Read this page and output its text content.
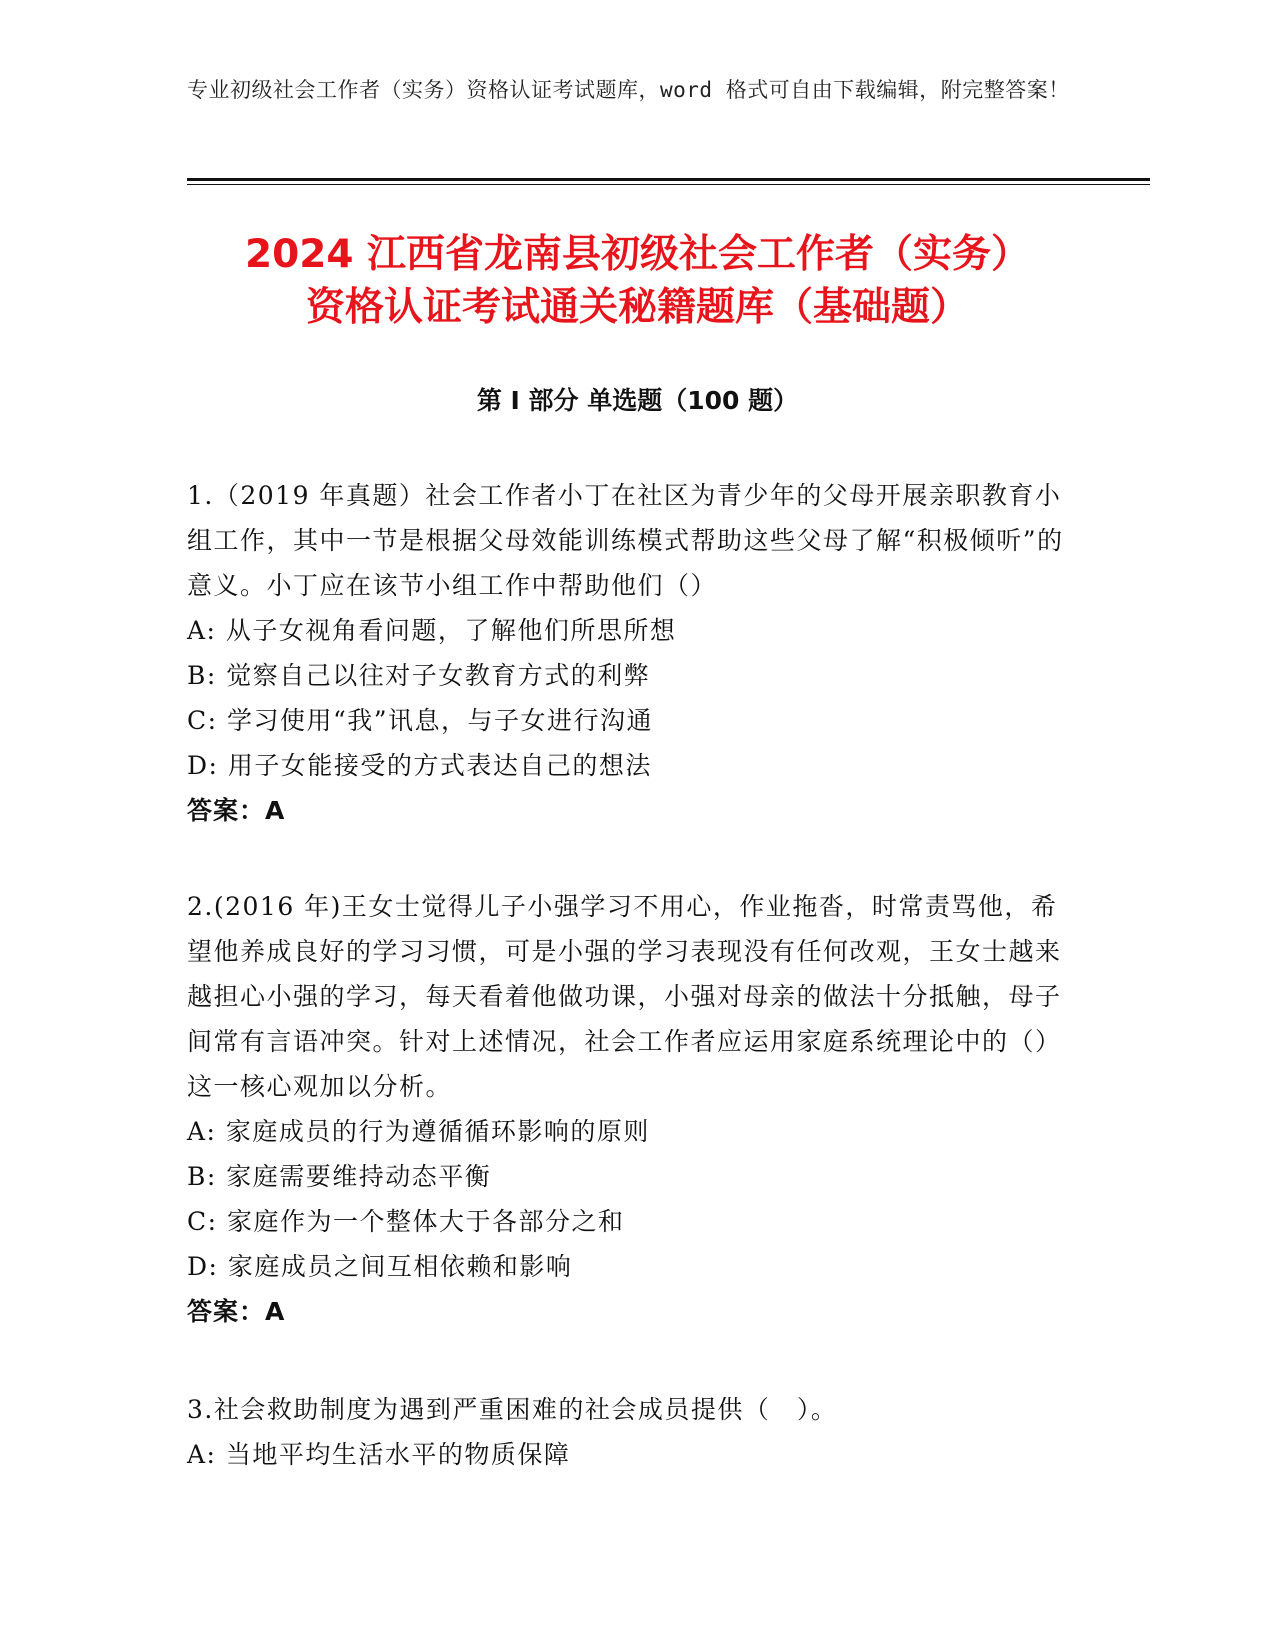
专业初级社会工作者（实务）资格认证考试题库，word 格式可自由下载编辑，附完整答案！
2024 江西省龙南县初级社会工作者（实务）
资格认证考试通关秘籍题库（基础题）
第 I 部分 单选题（100 题）
1.（2019 年真题）社会工作者小丁在社区为青少年的父母开展亲职教育小组工作，其中一节是根据父母效能训练模式帮助这些父母了解“积极倾听”的意义。小丁应在该节小组工作中帮助他们（）
A: 从子女视角看问题，了解他们所思所想
B: 觉察自己以往对子女教育方式的利弊
C: 学习使用“我”讯息，与子女进行沟通
D: 用子女能接受的方式表达自己的想法
答案：A
2.(2016 年)王女士觉得儿子小强学习不用心，作业拖沓，时常责骂他，希望他养成良好的学习习惯，可是小强的学习表现没有任何改观，王女士越来越担心小强的学习，每天看着他做功课，小强对母亲的做法十分抵触，母子间常有言语冲突。针对上述情况，社会工作者应运用家庭系统理论中的（）这一核心观加以分析。
A: 家庭成员的行为遵循循环影响的原则
B: 家庭需要维持动态平衡
C: 家庭作为一个整体大于各部分之和
D: 家庭成员之间互相依赖和影响
答案：A
3.社会救助制度为遇到严重困难的社会成员提供（　）。
A: 当地平均生活水平的物质保障
